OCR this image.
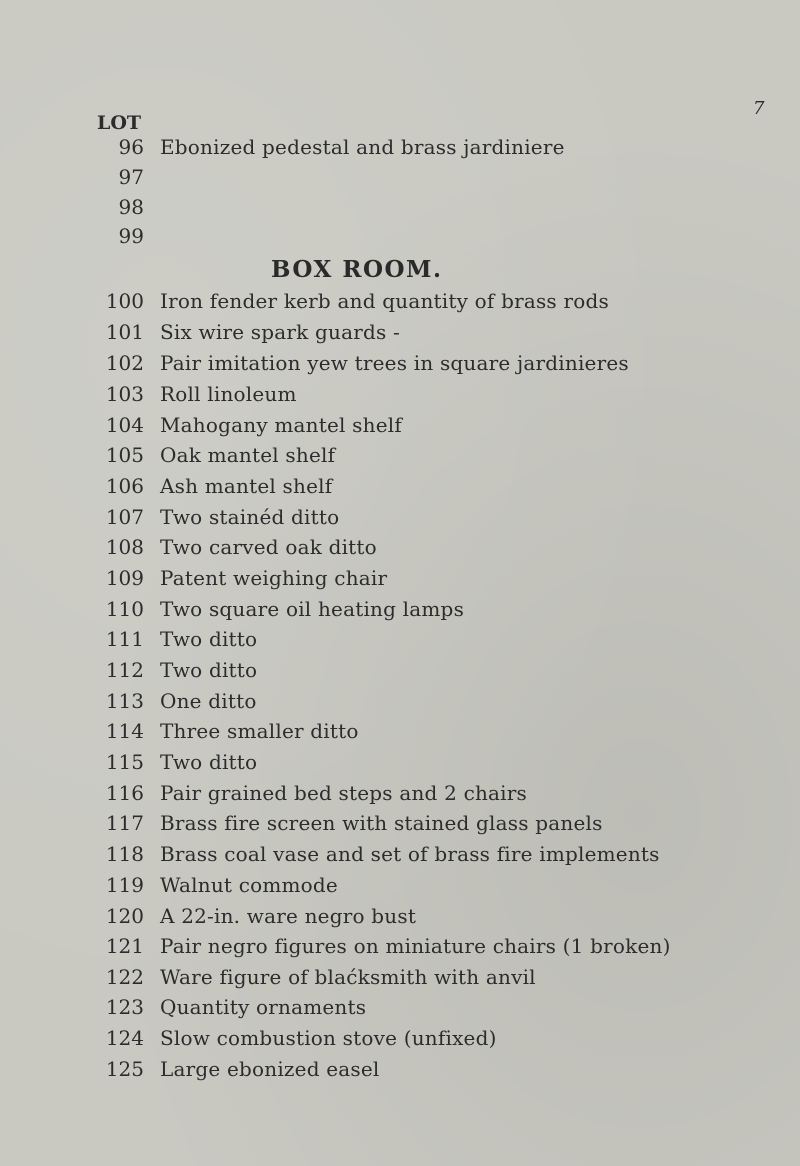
7
LOT
96 Ebonized pedestal and brass jardiniere
97
98
99
BOX ROOM.
100 Iron fender kerb and quantity of brass rods
101 Six wire spark guards -
102 Pair imitation yew trees in square jardinieres
103 Roll linoleum
104 Mahogany mantel shelf
105 Oak mantel shelf
106 Ash mantel shelf
107 Two stainéd ditto
108 Two carved oak ditto
109 Patent weighing chair
110 Two square oil heating lamps
111 Two ditto
112 Two ditto
113 One ditto
114 Three smaller ditto
115 Two ditto
116 Pair grained bed steps and 2 chairs
117 Brass fire screen with stained glass panels
118 Brass coal vase and set of brass fire implements
119 Walnut commode
120 A 22-in. ware negro bust
121 Pair negro figures on miniature chairs (1 broken)
122 Ware figure of blaćksmith with anvil
123 Quantity ornaments
124 Slow combustion stove (unfixed)
125 Large ebonized easel
